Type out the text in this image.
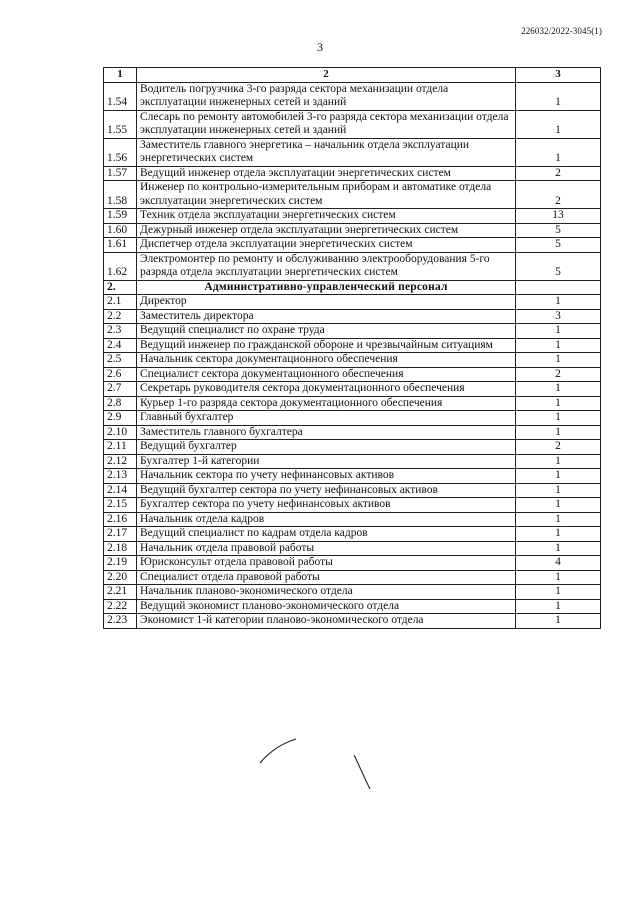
226032/2022-3045(1)
3
1	2	3
1.54	Водитель погрузчика 3-го разряда сектора механизации отдела эксплуатации инженерных сетей и зданий	1
1.55	Слесарь по ремонту автомобилей 3-го разряда сектора механизации отдела эксплуатации инженерных сетей и зданий	1
1.56	Заместитель главного энергетика – начальник отдела эксплуатации энергетических систем	1
1.57	Ведущий инженер отдела эксплуатации энергетических систем	2
1.58	Инженер по контрольно-измерительным приборам и автоматике отдела эксплуатации энергетических систем	2
1.59	Техник отдела эксплуатации энергетических систем	13
1.60	Дежурный инженер отдела эксплуатации энергетических систем	5
1.61	Диспетчер отдела эксплуатации энергетических систем	5
1.62	Электромонтер по ремонту и обслуживанию электрооборудования 5-го разряда отдела эксплуатации энергетических систем	5
2.	Административно-управленческий персонал	
2.1	Директор	1
2.2	Заместитель директора	3
2.3	Ведущий специалист по охране труда	1
2.4	Ведущий инженер по гражданской обороне и чрезвычайным ситуациям	1
2.5	Начальник сектора документационного обеспечения	1
2.6	Специалист сектора документационного обеспечения	2
2.7	Секретарь руководителя сектора документационного обеспечения	1
2.8	Курьер 1-го разряда сектора документационного обеспечения	1
2.9	Главный бухгалтер	1
2.10	Заместитель главного бухгалтера	1
2.11	Ведущий бухгалтер	2
2.12	Бухгалтер 1-й категории	1
2.13	Начальник сектора по учету нефинансовых активов	1
2.14	Ведущий бухгалтер сектора по учету нефинансовых активов	1
2.15	Бухгалтер сектора по учету нефинансовых активов	1
2.16	Начальник отдела кадров	1
2.17	Ведущий специалист по кадрам отдела кадров	1
2.18	Начальник отдела правовой работы	1
2.19	Юрисконсульт отдела правовой работы	4
2.20	Специалист отдела правовой работы	1
2.21	Начальник планово-экономического отдела	1
2.22	Ведущий экономист планово-экономического отдела	1
2.23	Экономист 1-й категории планово-экономического отдела	1
